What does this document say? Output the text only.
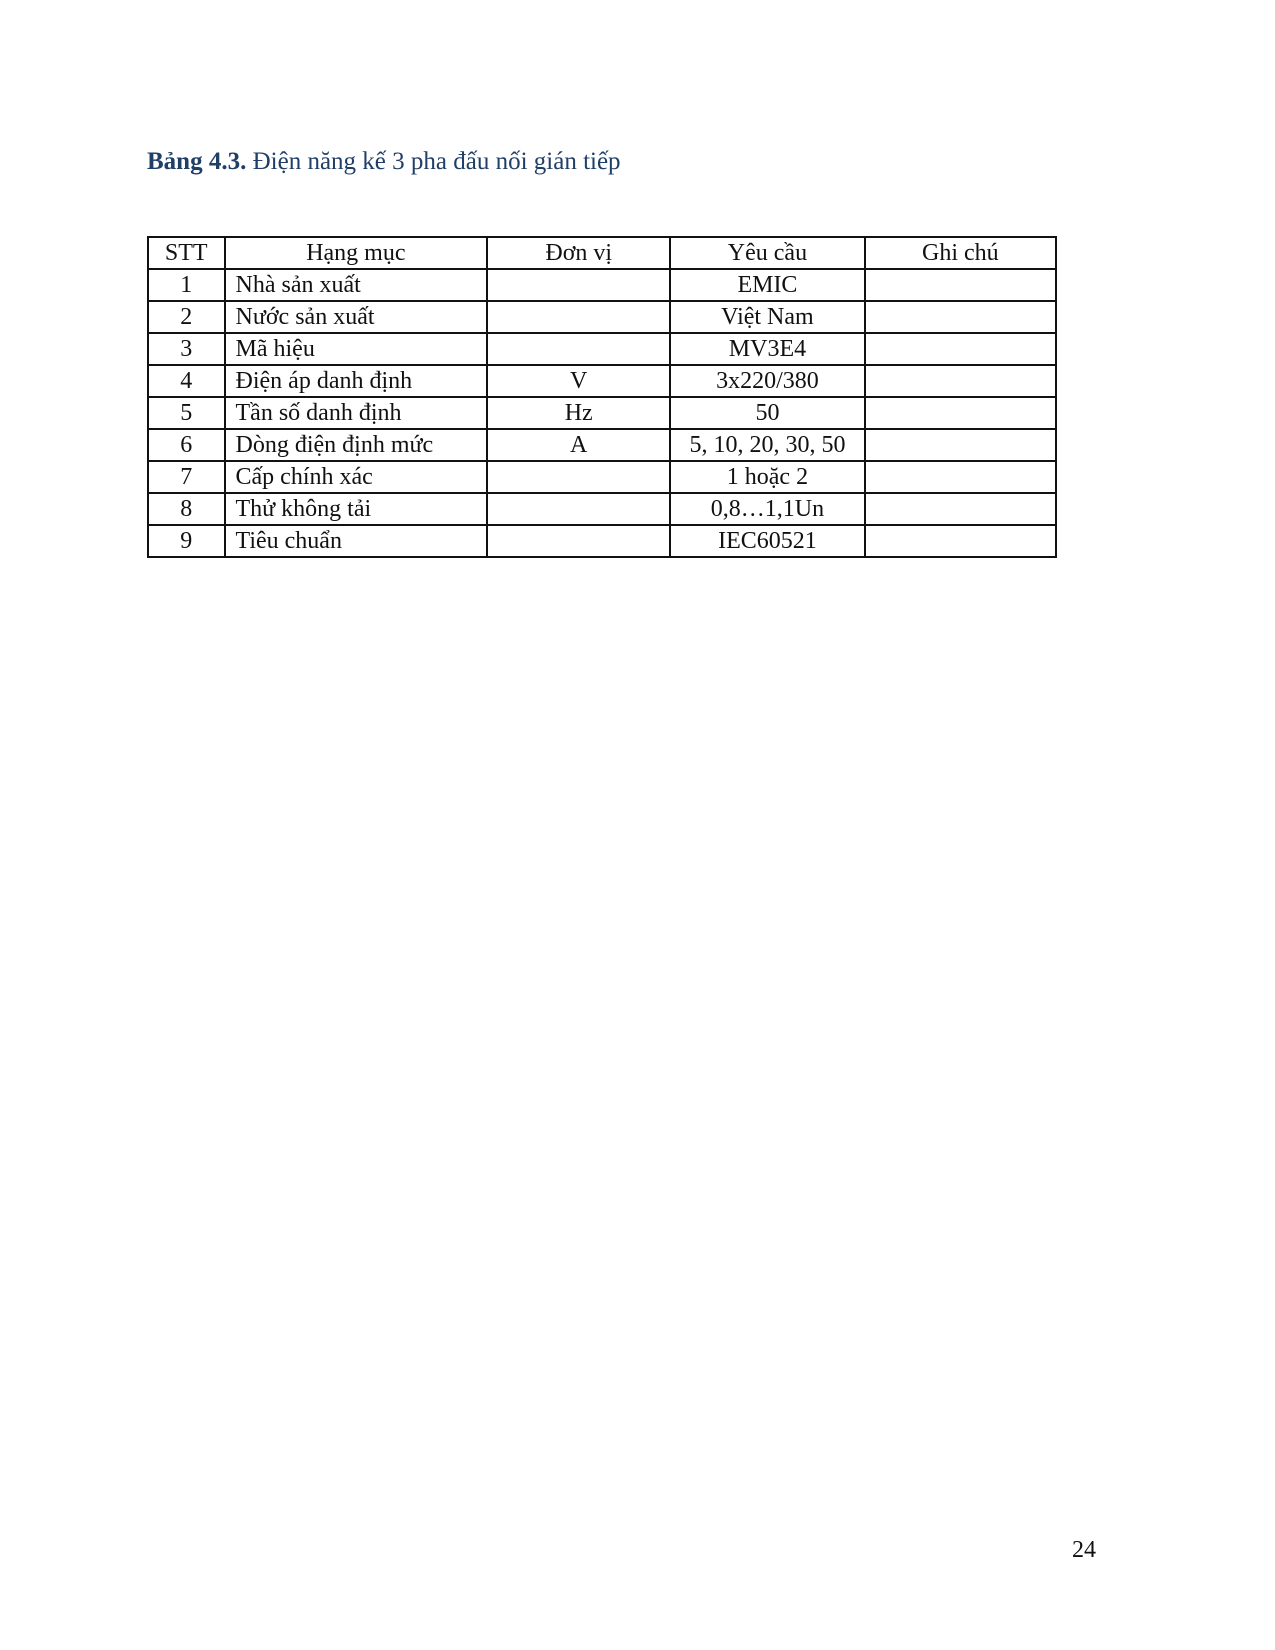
Bảng 4.3. Điện năng kế 3 pha đấu nối gián tiếp
STT	Hạng mục	Đơn vị	Yêu cầu	Ghi chú
1	Nhà sản xuất		EMIC	
2	Nước sản xuất		Việt Nam	
3	Mã hiệu		MV3E4	
4	Điện áp danh định	V	3x220/380	
5	Tần số danh định	Hz	50	
6	Dòng điện định mức	A	5, 10, 20, 30, 50	
7	Cấp chính xác		1 hoặc 2	
8	Thử không tải		0,8…1,1Un	
9	Tiêu chuẩn		IEC60521	
24
